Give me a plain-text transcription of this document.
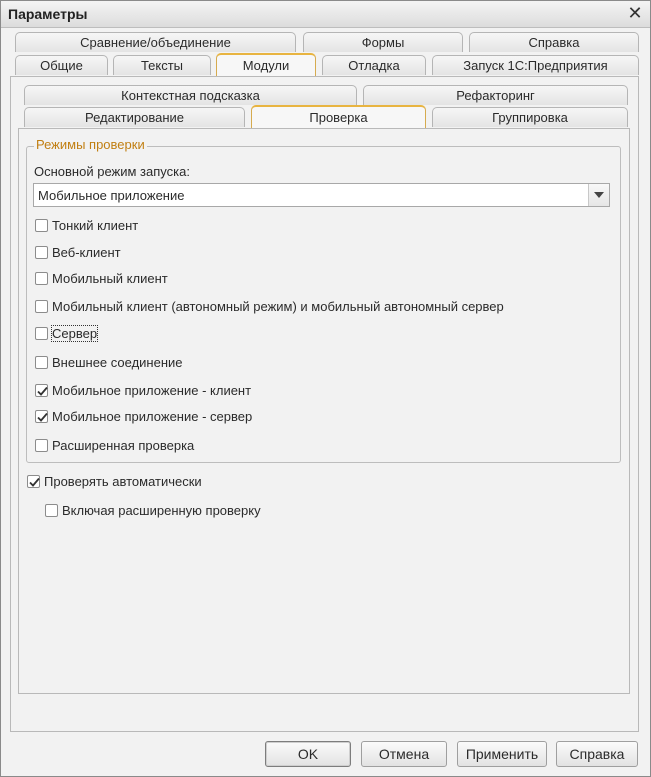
Параметры	✕
Сравнение/объединение	Формы	Справка
Общие	Тексты	Модули	Отладка	Запуск 1С:Предприятия
Контекстная подсказка	Рефакторинг
Редактирование	Проверка	Группировка
Режимы проверки
Основной режим запуска:
Мобильное приложение
Тонкий клиент
Веб-клиент
Мобильный клиент
Мобильный клиент (автономный режим) и мобильный автономный сервер
Сервер
Внешнее соединение
Мобильное приложение - клиент
Мобильное приложение - сервер
Расширенная проверка
Проверять автоматически
Включая расширенную проверку
OK	Отмена	Применить	Справка
